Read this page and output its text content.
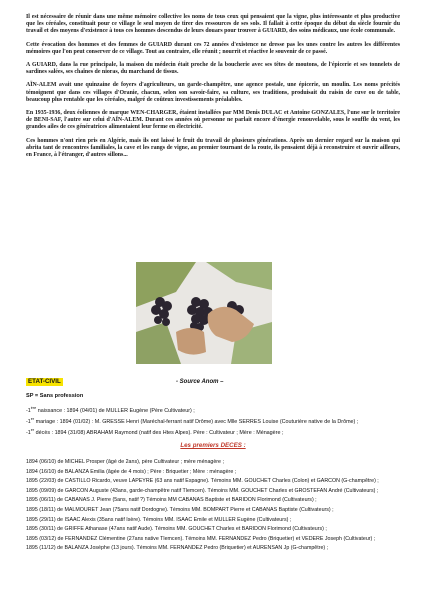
Il est nécessaire de réunir dans une même mémoire collective les noms de tous ceux qui pensaient que la vigne, plus intéressante et plus productive que les céréales, constituait pour ce village le seul moyen de tirer des ressources de ses sols. Il fallait à cette époque du début du siècle fournir du travail et des moyens d'existence à tous ces hommes descendus de leurs douars pour trouver à GUIARD, des soins médicaux, une école communale.

Cette évocation des hommes et des femmes de GUIARD durant ces 72 années d'existence ne dresse pas les unes contre les autres les différentes mémoires que l'on peut conserver de ce village. Tout au contraire, elle réunit ; nourrit et réactive le souvenir de ce passé.

A GUIARD, dans la rue principale, la maison du médecin était proche de la boucherie avec ses têtes de moutons, de l'épicerie et ses tonnelets de sardines salées, ses chaînes de nioras, du marchand de tissus.

AÏN-ALEM avait une quinzaine de foyers d'agriculteurs, un garde-champêtre, une agence postale, une épicerie, un moulin. Les noms précités témoignent que dans ces villages d'Oranie, chacun, selon son savoir-faire, sa culture, ses traditions, produisait du raisin de cuve ou de table, beaucoup plus rentable que les céréales, malgré de coûteux investissements préalables.

En 1935-1936, deux éoliennes de marque WEN-CHARGER, étaient installées par MM Denis DULAC et Antoine GONZALES, l'une sur le territoire de BENI-SAF, l'autre sur celui d'AÏN-ALEM. Durant ces années où personne ne parlait encore d'énergie renouvelable, sous le souffle du vent, les grandes ailes de ces génératrices alimentaient leur ferme en électricité.

Ces hommes n'ont rien pris en Algérie, mais ils ont laissé le fruit du travail de plusieurs générations. Après un dernier regard sur la maison qui abrita tant de rencontres familiales, la cave et les rangs de vigne, au premier tournant de la route, ils pensaient déjà à reconstruire et ouvrir ailleurs, en France, à l'étranger, d'autres sillons...

ETAT-CIVIL	- Source Anom –
SP = Sans profession
-1ère naissance : 1894 (04/01) de MULLER Eugène (Père Cultivateur) ;
-1er mariage : 1894 (01/02) : M. GRESSE Henri (Maréchal-ferrant natif Drôme) avec Mlle SERRES Louise (Couturière native de la Drôme) ;
-1er décès : 1894 (31/08) ABRAHAM Raymond (natif des Htes Alpes). Père : Cultivateur ; Mère : Ménagère ;
Les premiers DECES :
1894 (06/10) de MICHEL Prosper (âgé de 2ans), père Cultivateur ; mère ménagère ;
1894 (16/10) de BALANZA Emilia (âgée de 4 mois) ; Père : Briquetier ; Mère : ménagère ;
1895 (22/03) de CASTILLO Ricardo, veuve LAPEYRE (63 ans natif Espagne). Témoins MM. GOUCHET Charles (Colon) et GARCON (G-champêtre) ;
1895 (09/09) de GARCON Auguste (43ans, garde-champêtre natif Tlemcen). Témoins MM. GOUCHET Charles et GROSTEFAN André (Cultivateurs) ;
1895 (06/11) de CABANAS J. Pierre (5ans, natif ?) Témoins MM CABANAS Baptiste et BARIDON Florimond (Cultivateurs) ;
1895 (18/11) de MALMOURET Jean (75ans natif Dordogne). Témoins MM. BOMPART Pierre et CABANAS Baptiste (Cultivateurs) ;
1895 (29/11) de ISAAC Alexis (35ans natif Isère). Témoins MM. ISAAC Emile et MULLER Eugène (Cultivateurs) ;
1895 (30/11) de GRIFFE Athanase (47ans natif Aude). Témoins MM. GOUCHET Charles et BARIDON Florimond (Cultivateurs) ;
1895 (03/12) de FERNANDEZ Clémentine (27ans native Tlemcen). Témoins MM. FERNANDEZ Pedro (Briquetier) et VEDERE Joseph (Cultivateur) ;
1895 (11/12) de BALANZA Joséphe (13 jours). Témoins MM. FERNANDEZ Pedro (Briquetier) et AURENSAN Jp (G-champêtre) ;
